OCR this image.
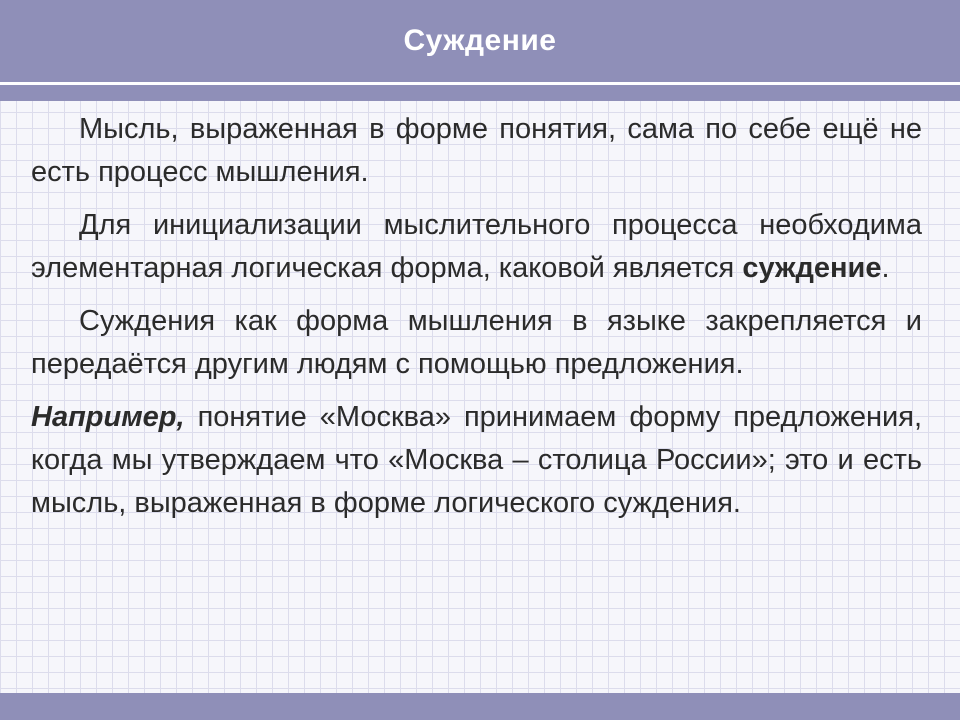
Суждение

Мысль, выраженная в форме понятия, сама по себе ещё не есть процесс мышления.

Для инициализации мыслительного процесса необходима элементарная логическая форма, каковой является суждение.

Суждения как форма мышления в языке закрепляется и передаётся другим людям с помощью предложения.

Например, понятие «Москва» принимаем форму предложения, когда мы утверждаем что «Москва – столица России»; это и есть мысль, выраженная в форме логического суждения.
